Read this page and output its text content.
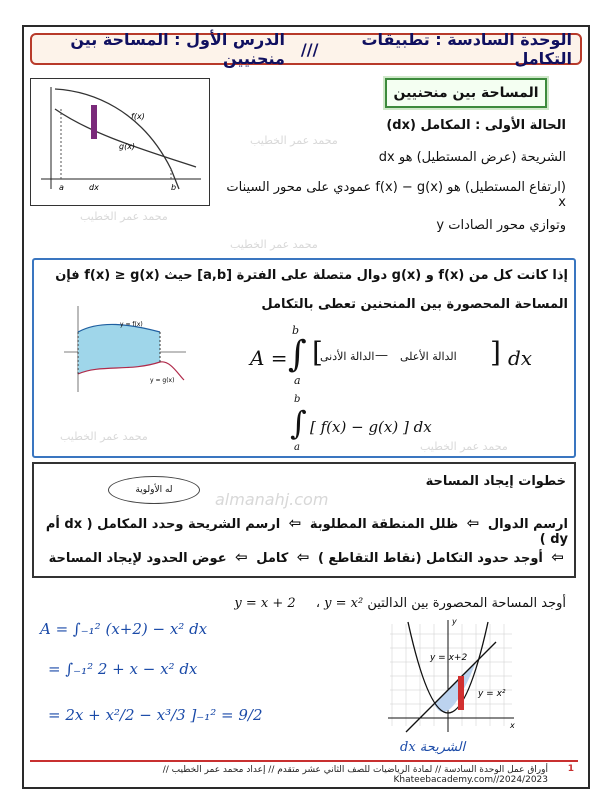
الوحدة السادسة : تطبيقات التكامل
///
الدرس الأول : المساحة بين منحنيين
f(x)
g(x)
a	dx	b
المساحة بين منحنيين
الحالة الأولى : المكامل (dx)
الشريحة (عرض المستطيل) هو dx
(ارتفاع المستطيل) هو f(x) − g(x) عمودي على محور السينات x
وتوازي محور الصادات y
محمد عمر الخطيب
محمد عمر الخطيب
محمد عمر الخطيب
محمد عمر الخطيب
محمد عمر الخطيب
almanahj.com
إذا كانت كل من f(x) و g(x) دوال متصلة على الفترة [a,b] حيث f(x) ≥ g(x) فإن
المساحة المحصورة بين المنحنين تعطى بالتكامل
y = f(x)
y = g(x)
A =
b
∫
a
[	الدالة الأعلى
—
الدالة الأدنى	] dx
b
∫
a
[ f(x) − g(x) ] dx
خطوات إيجاد المساحة
له الأولوية
ارسم الدوال ⇦ ظلل المنطقة المطلوبة ⇦ ارسم الشريحة وحدد المكامل ( dx أم dy )
⇦ أوجد حدود التكامل (نقاط التقاطع ) ⇦ كامل ⇦ عوض الحدود لإيجاد المساحة
أوجد المساحة المحصورة بين الدالتين y = x + 2 ، y = x²
A = ∫₋₁² (x+2) − x² dx
= ∫₋₁² 2 + x − x² dx
= 2x + x²/2 − x³/3 ]₋₁² = 9/2
y = x+2
y = x²
x
y
dx الشريحة
1
أوراق عمل الوحدة السادسة // لمادة الرياضيات للصف الثاني عشر متقدم // إعداد محمد عمر الخطيب // Khateebacademy.com//2024/2023
